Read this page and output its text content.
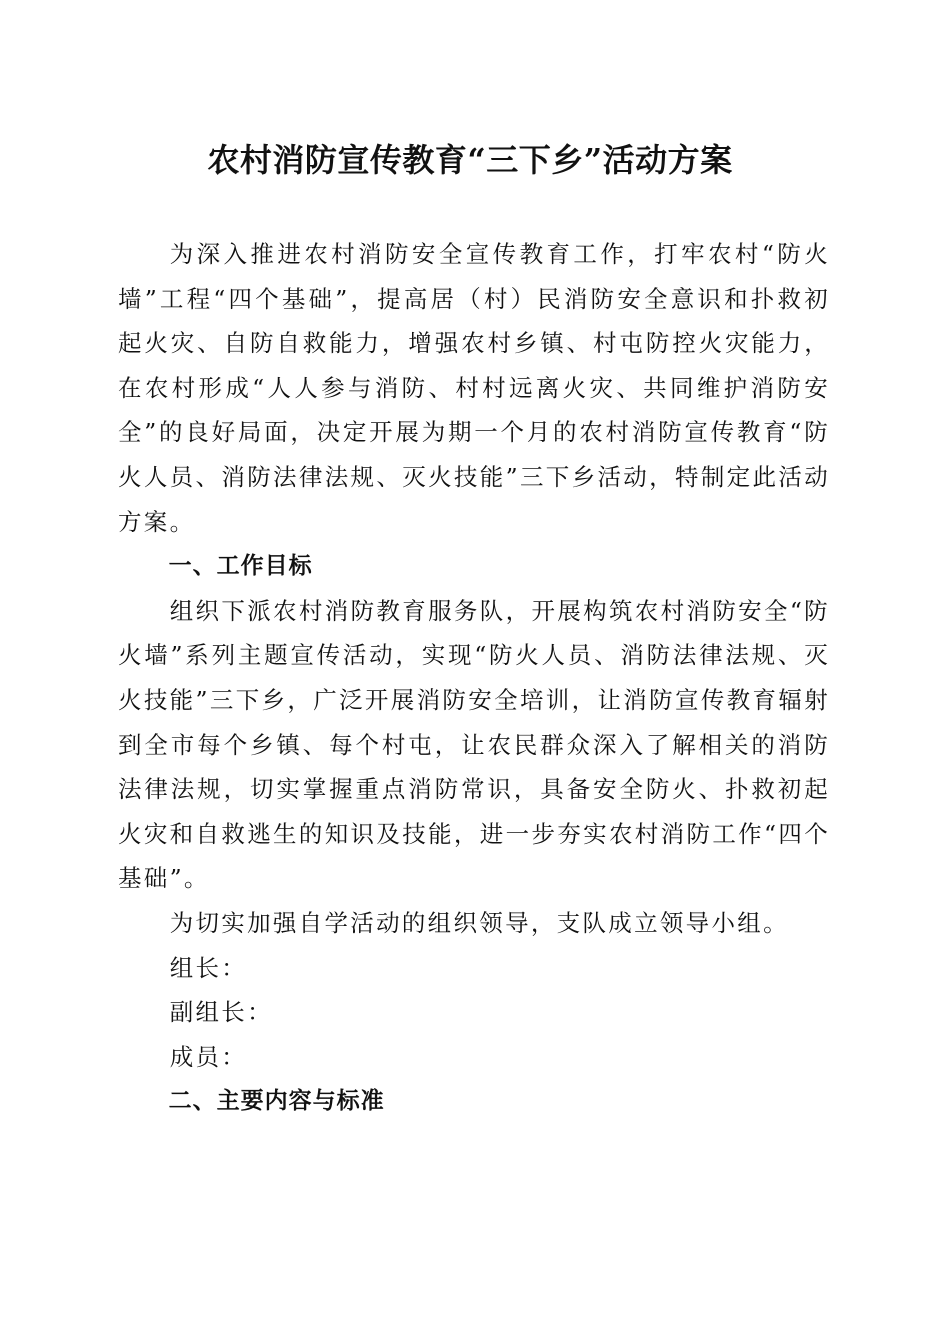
农村消防宣传教育“三下乡”活动方案

为深入推进农村消防安全宣传教育工作，打牢农村“防火墙”工程“四个基础”，提高居（村）民消防安全意识和扑救初起火灾、自防自救能力，增强农村乡镇、村屯防控火灾能力，在农村形成“人人参与消防、村村远离火灾、共同维护消防安全”的良好局面，决定开展为期一个月的农村消防宣传教育“防火人员、消防法律法规、灭火技能”三下乡活动，特制定此活动方案。

一、工作目标

组织下派农村消防教育服务队，开展构筑农村消防安全“防火墙”系列主题宣传活动，实现“防火人员、消防法律法规、灭火技能”三下乡，广泛开展消防安全培训，让消防宣传教育辐射到全市每个乡镇、每个村屯，让农民群众深入了解相关的消防法律法规，切实掌握重点消防常识，具备安全防火、扑救初起火灾和自救逃生的知识及技能，进一步夯实农村消防工作“四个基础”。

为切实加强自学活动的组织领导，支队成立领导小组。

组长：

副组长：

成员：

二、主要内容与标准
